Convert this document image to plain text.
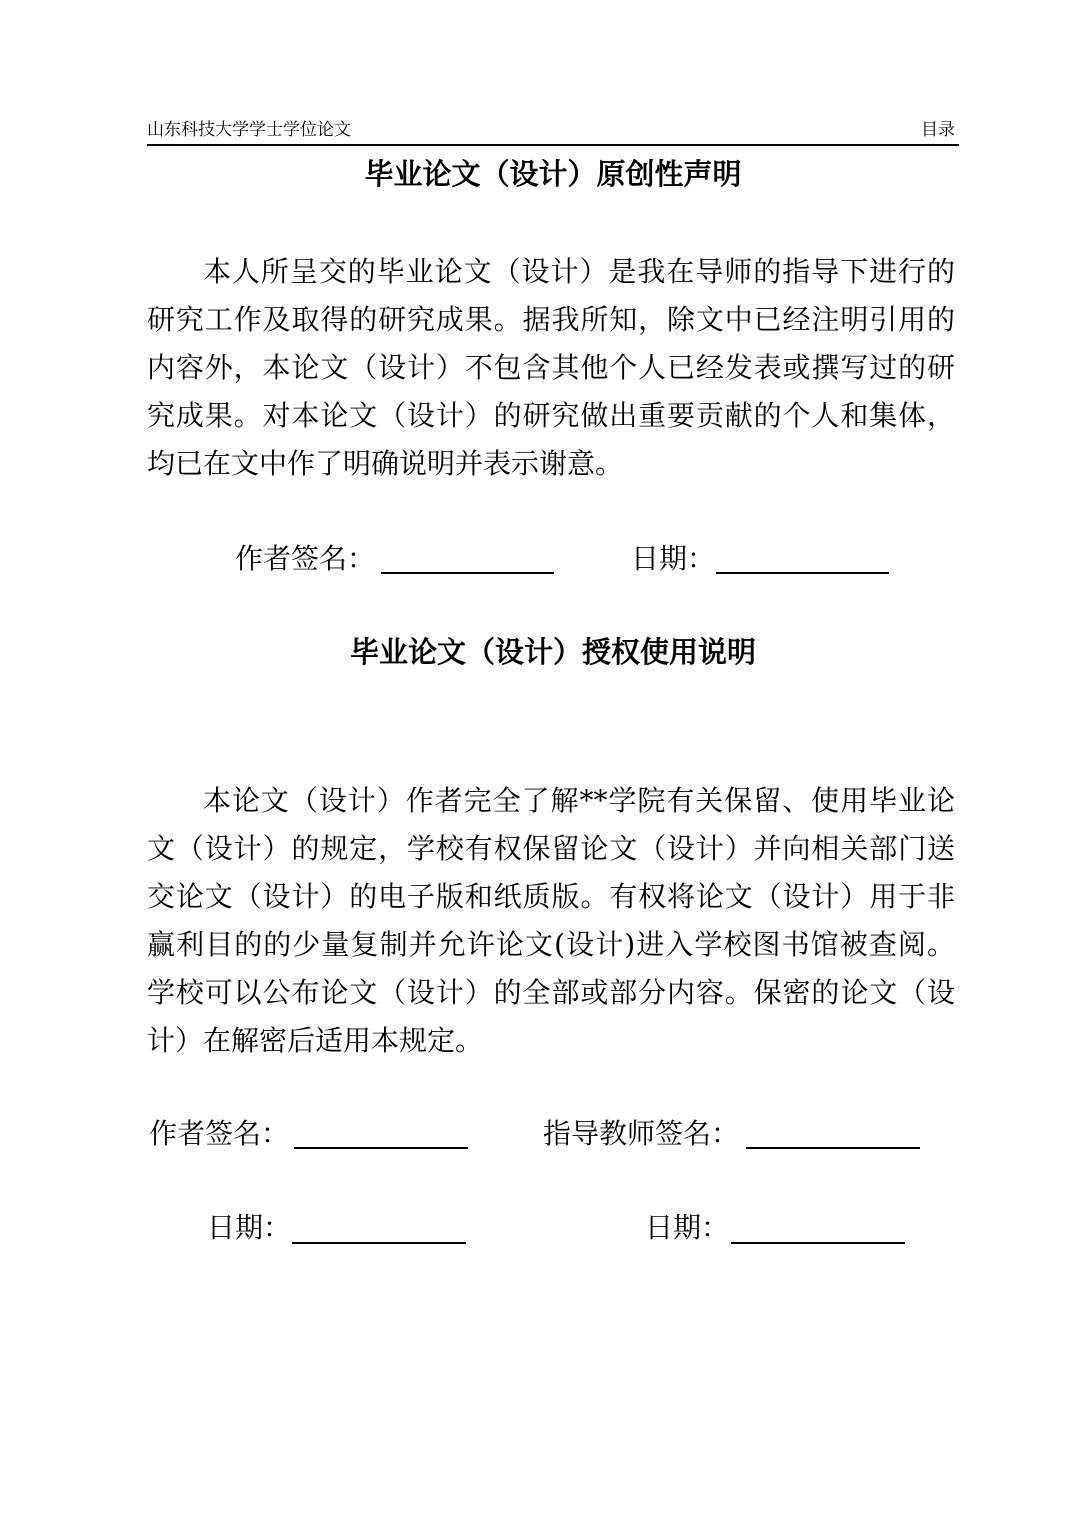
山东科技大学学士学位论文	目录
毕业论文（设计）原创性声明
本人所呈交的毕业论文（设计）是我在导师的指导下进行的
研究工作及取得的研究成果。据我所知，除文中已经注明引用的
内容外，本论文（设计）不包含其他个人已经发表或撰写过的研
究成果。对本论文（设计）的研究做出重要贡献的个人和集体，
均已在文中作了明确说明并表示谢意。
作者签名：	日期：
毕业论文（设计）授权使用说明
本论文（设计）作者完全了解**学院有关保留、使用毕业论
文（设计）的规定，学校有权保留论文（设计）并向相关部门送
交论文（设计）的电子版和纸质版。有权将论文（设计）用于非
赢利目的的少量复制并允许论文(设计)进入学校图书馆被查阅。
学校可以公布论文（设计）的全部或部分内容。保密的论文（设
计）在解密后适用本规定。
作者签名：	指导教师签名：
日期：	日期：
